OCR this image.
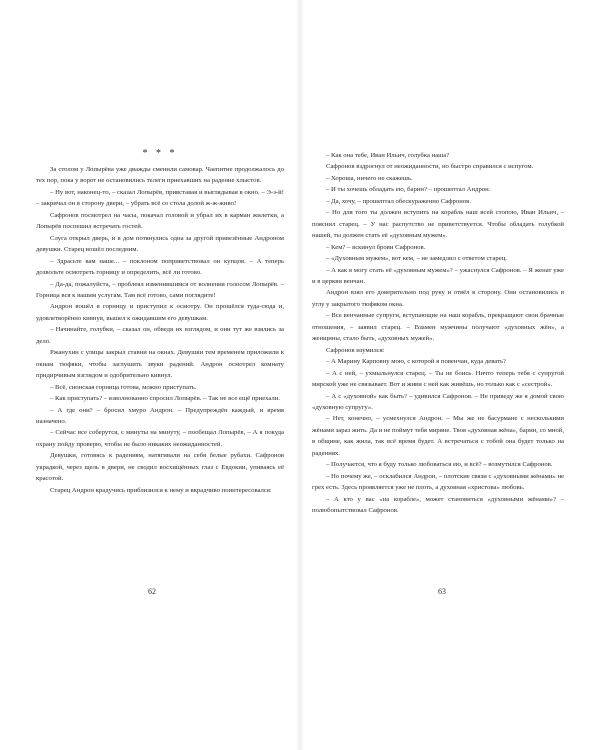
* * *

За столом у Лопырёва уже дважды сменили самовар. Чаепитие продолжалось до тех пор, пока у ворот не остановились телеги приехавших на радение хлыстов.

– Ну вот, наконец-то, – сказал Лопырёв, привставая и выглядывая в окно. – Э-э-й! – закричал он в сторону двери, – убрать всё со стола долой ж-ж-живо!

Сафронов посмотрел на часы, покачал головой и убрал их в карман жилетки, а Лопырёв поспешил встречать гостей.

Слуга открыл дверь, и в дом потянулись одна за другой привезённые Андроном девушки. Старец вошёл последним.

– Здрасьте вам наше... – поклоном поприветствовал он купцов. – А теперь дозвольте осмотреть горницу и определить, всё ли готово.

– Да-да, пожалуйста, – проблеял изменившимся от волнения голосом Лопырёв. – Горница вся к вашим услугам. Там всё готово, сами поглядите!

Андрон вошёл в горницу и приступил к осмотру. Он прошёлся туда-сюда и, удовлетворённо кивнув, вышел к ожидавшим его девушкам.

– Начинайте, голубки, – сказал он, обведя их взглядом, и они тут же взялись за дело.

Ржанухин с улицы закрыл ставни на окнах. Девушки тем временем приложили к окнам тюфяки, чтобы заглушить звуки радений. Андрон осмотрел комнату придирчивым взглядом и одобрительно кивнул.

– Всё, сионская горница готова, можно приступать.

– Как приступать? – взволнованно спросил Лопырёв. – Так не все ещё приехали.

– А где они? – бросил хмуро Андрон. – Предупреждён каждый, и время назначено.

– Сейчас все соберутся, с минуты на минуту, – пообещал Лопырёв, – А я покуда охрану пойду проверю, чтобы не было никаких неожиданностей.

Девушки, готовясь к радениям, натягивали на себя белые рубахи. Сафронов украдкой, через щель в двери, не сводил восхищённых глаз с Евдокии, упиваясь её красотой.

Старец Андрон крадучись приблизился к нему и вкрадчиво поинтересовался:

– Как она тебе, Иван Ильич, голубка наша?

Сафронов вздрогнул от неожиданности, но быстро справился с испугом.

– Хороша, ничего не скажешь.

– И ты хочешь обладать ею, барин? – прошептал Андрон.

– Да, хочу, – прошептал обескураженно Сафронов.

– Но для того ты должен вступить на корабль наш всей стопою, Иван Ильич, – пояснил старец. – У нас распутство не приветствуется. Чтобы обладать голубкой нашей, ты должен стать её «духовным мужем».

– Кем? – вскинул брови Сафронов.

– «Духовным мужем», вот кем, – не замедлил с ответом старец.

– А как я могу стать её «духовным мужем»? – ужаснулся Сафронов. – Я женат уже и в церкви венчан.

Андрон взял его доверительно под руку и отвёл в сторону. Они остановились в углу у закрытого тюфяком окна.

– Все венчанные супруги, вступающие на наш корабль, прекращают свои брачные отношения, – заявил старец. – Взамен мужчины получают «духовных жён», а женщины, стало быть, «духовных мужей».

Сафронов изумился:

– А Марину Карповну мою, с которой я повенчан, куда девать?

– А с ней, – ухмыльнулся старец. – Ты не боись. Ничто теперь тебя с супругой мирской уже не связывает. Вот и живи с ней как живёшь, но только как с «сестрой».

– А с «духовной» как быть? – удивился Сафронов. – Не приведу же я домой свою «духовную супругу».

– Нет, конечно, – усмехнулся Андрон. – Мы же не басурмане с несколькими жёнами зараз жить. Да и не поймут тебя миряне. Твоя «духовная жёна», барин, со мной, в общине, как жила, так всё время будет. А встречаться с тобой она будет только на радениях.

– Получается, что я буду только любоваться ею, и всё? – возмутился Сафронов.

– Но почему же, – осклабился Андрон, – плотские связи с «духовными жёнами» не грех есть. Здесь проявляется уже не плоть, а духовная «христова» любовь.

– А кто у вас «на корабле», может становиться «духовными жёнами»? – полюбопытствовал Сафронов.

62	63
